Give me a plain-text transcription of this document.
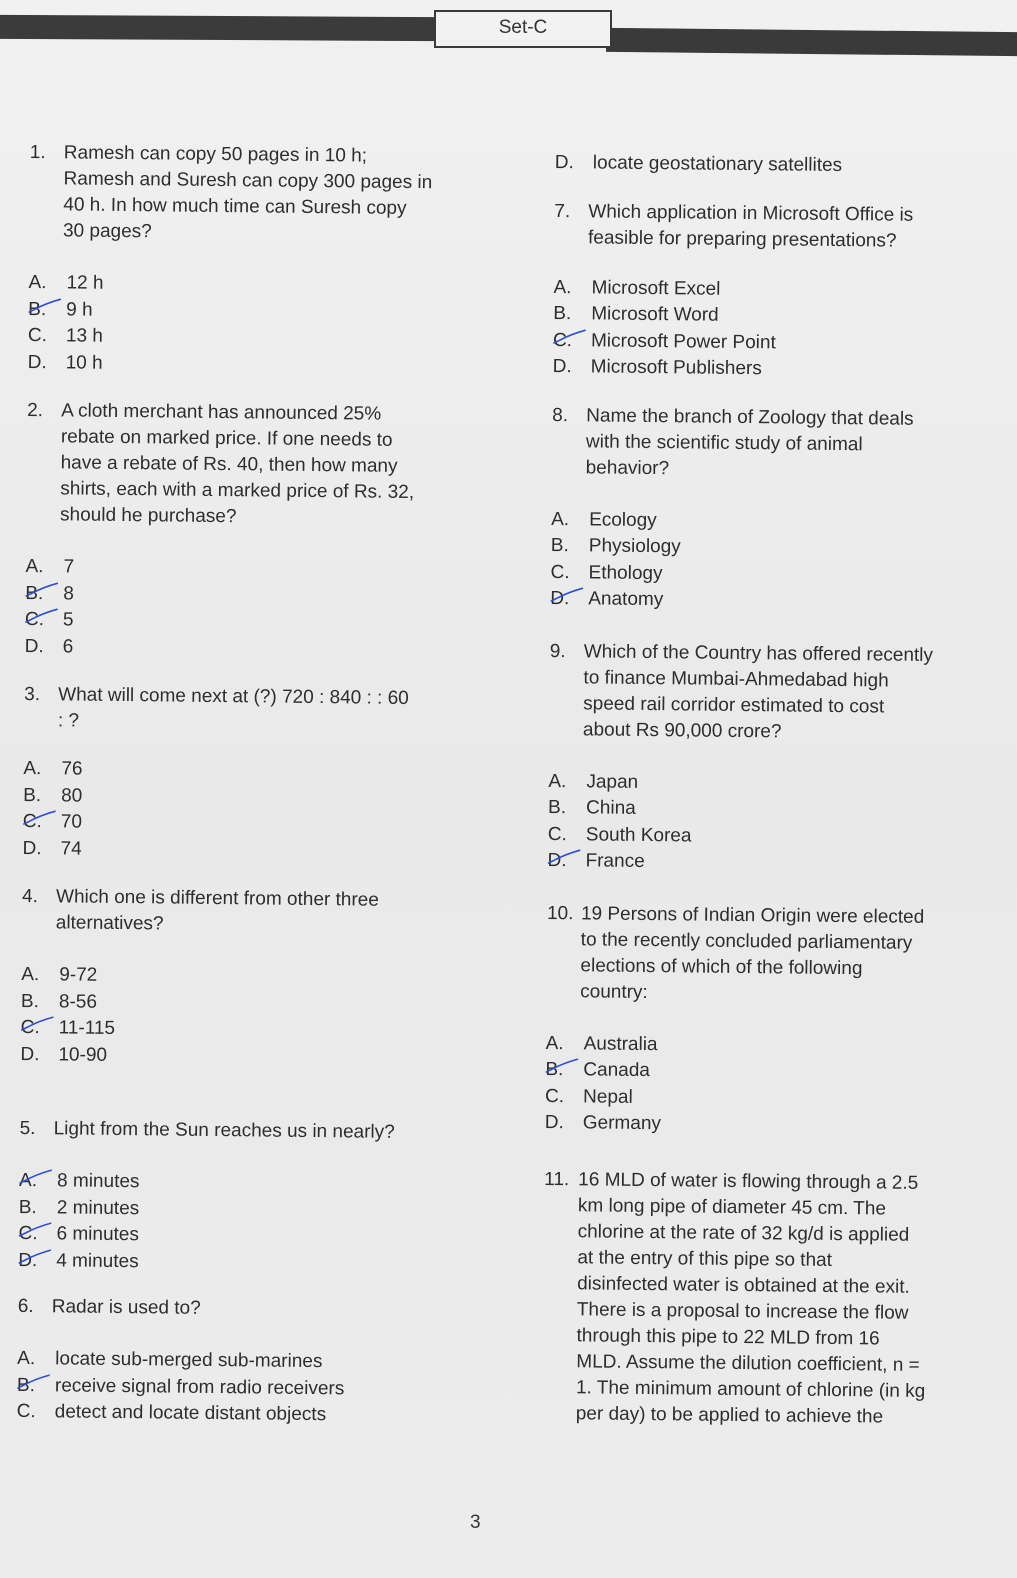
Set-C
1. Ramesh can copy 50 pages in 10 h;
Ramesh and Suresh can copy 300 pages in
40 h. In how much time can Suresh copy
30 pages?
A. 12 h
B. 9 h
C. 13 h
D. 10 h
2. A cloth merchant has announced 25%
rebate on marked price. If one needs to
have a rebate of Rs. 40, then how many
shirts, each with a marked price of Rs. 32,
should he purchase?
A. 7
B. 8
C. 5
D. 6
3. What will come next at (?) 720 : 840 : : 60
: ?
A. 76
B. 80
C. 70
D. 74
4. Which one is different from other three
alternatives?
A. 9-72
B. 8-56
C. 11-115
D. 10-90
5. Light from the Sun reaches us in nearly?
A. 8 minutes
B. 2 minutes
C. 6 minutes
D. 4 minutes
6. Radar is used to?
A. locate sub-merged sub-marines
B. receive signal from radio receivers
C. detect and locate distant objects
D. locate geostationary satellites
7. Which application in Microsoft Office is
feasible for preparing presentations?
A. Microsoft Excel
B. Microsoft Word
C. Microsoft Power Point
D. Microsoft Publishers
8. Name the branch of Zoology that deals
with the scientific study of animal
behavior?
A. Ecology
B. Physiology
C. Ethology
D. Anatomy
9. Which of the Country has offered recently
to finance Mumbai-Ahmedabad high
speed rail corridor estimated to cost
about Rs 90,000 crore?
A. Japan
B. China
C. South Korea
D. France
10. 19 Persons of Indian Origin were elected
to the recently concluded parliamentary
elections of which of the following
country:
A. Australia
B. Canada
C. Nepal
D. Germany
11. 16 MLD of water is flowing through a 2.5
km long pipe of diameter 45 cm. The
chlorine at the rate of 32 kg/d is applied
at the entry of this pipe so that
disinfected water is obtained at the exit.
There is a proposal to increase the flow
through this pipe to 22 MLD from 16
MLD. Assume the dilution coefficient, n =
1. The minimum amount of chlorine (in kg
per day) to be applied to achieve the
3
